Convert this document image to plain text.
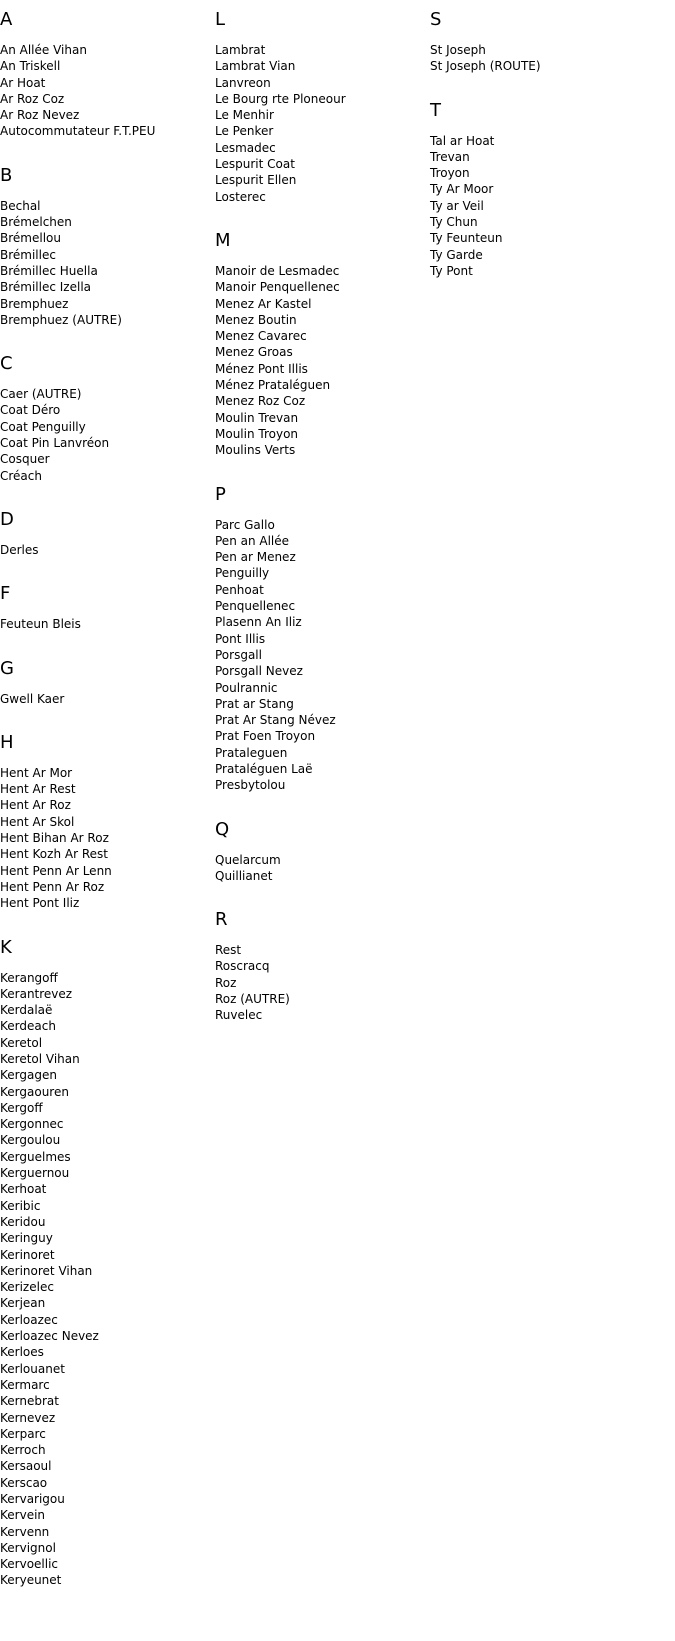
A
An Allée Vihan
An Triskell
Ar Hoat
Ar Roz Coz
Ar Roz Nevez
Autocommutateur F.T.PEU
B
Bechal
Brémelchen
Brémellou
Brémillec
Brémillec Huella
Brémillec Izella
Bremphuez
Bremphuez (AUTRE)
C
Caer (AUTRE)
Coat Déro
Coat Penguilly
Coat Pin Lanvréon
Cosquer
Créach
D
Derles
F
Feuteun Bleis
G
Gwell Kaer
H
Hent Ar Mor
Hent Ar Rest
Hent Ar Roz
Hent Ar Skol
Hent Bihan Ar Roz
Hent Kozh Ar Rest
Hent Penn Ar Lenn
Hent Penn Ar Roz
Hent Pont Iliz
K
Kerangoff
Kerantrevez
Kerdalaë
Kerdeach
Keretol
Keretol Vihan
Kergagen
Kergaouren
Kergoff
Kergonnec
Kergoulou
Kerguelmes
Kerguernou
Kerhoat
Keribic
Keridou
Keringuy
Kerinoret
Kerinoret Vihan
Kerizelec
Kerjean
Kerloazec
Kerloazec Nevez
Kerloes
Kerlouanet
Kermarc
Kernebrat
Kernevez
Kerparc
Kerroch
Kersaoul
Kerscao
Kervarigou
Kervein
Kervenn
Kervignol
Kervoellic
Keryeunet
L
Lambrat
Lambrat Vian
Lanvreon
Le Bourg rte Ploneour
Le Menhir
Le Penker
Lesmadec
Lespurit Coat
Lespurit Ellen
Losterec
M
Manoir de Lesmadec
Manoir Penquellenec
Menez Ar Kastel
Menez Boutin
Menez Cavarec
Menez Groas
Ménez Pont Illis
Ménez Pratal​éguen
Menez Roz Coz
Moulin Trevan
Moulin Troyon
Moulins Verts
P
Parc Gallo
Pen an Allée
Pen ar Menez
Penguilly
Penhoat
Penquellenec
Plasenn An Iliz
Pont Illis
Porsgall
Porsgall Nevez
Poulrannic
Prat ar Stang
Prat Ar Stang Névez
Prat Foen Troyon
Prataleguen
Prataléguen Laë
Presbytolou
Q
Quelarcum
Quillianet
R
Rest
Roscracq
Roz
Roz (AUTRE)
Ruvelec
S
St Joseph
St Joseph (ROUTE)
T
Tal ar Hoat
Trevan
Troyon
Ty Ar Moor
Ty ar Veil
Ty Chun
Ty Feunteun
Ty Garde
Ty Pont
